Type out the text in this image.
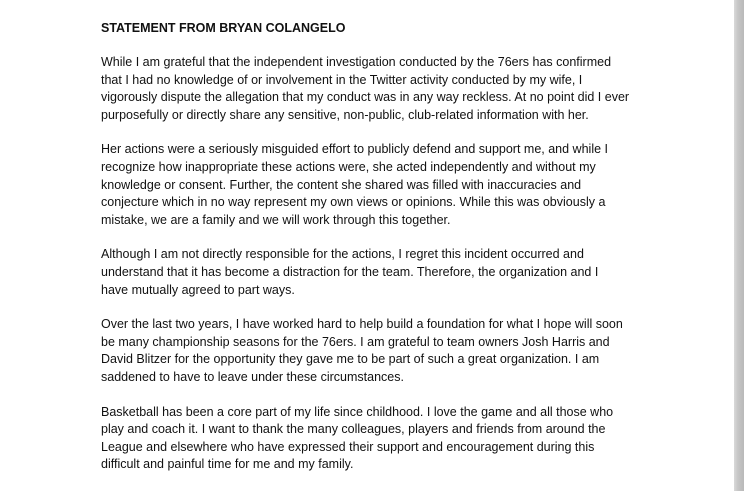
STATEMENT FROM BRYAN COLANGELO
While I am grateful that the independent investigation conducted by the 76ers has confirmed
that I had no knowledge of or involvement in the Twitter activity conducted by my wife, I
vigorously dispute the allegation that my conduct was in any way reckless. At no point did I ever
purposefully or directly share any sensitive, non-public, club-related information with her.
Her actions were a seriously misguided effort to publicly defend and support me, and while I
recognize how inappropriate these actions were, she acted independently and without my
knowledge or consent. Further, the content she shared was filled with inaccuracies and
conjecture which in no way represent my own views or opinions. While this was obviously a
mistake, we are a family and we will work through this together.
Although I am not directly responsible for the actions, I regret this incident occurred and
understand that it has become a distraction for the team. Therefore, the organization and I
have mutually agreed to part ways.
Over the last two years, I have worked hard to help build a foundation for what I hope will soon
be many championship seasons for the 76ers. I am grateful to team owners Josh Harris and
David Blitzer for the opportunity they gave me to be part of such a great organization. I am
saddened to have to leave under these circumstances.
Basketball has been a core part of my life since childhood. I love the game and all those who
play and coach it. I want to thank the many colleagues, players and friends from around the
League and elsewhere who have expressed their support and encouragement during this
difficult and painful time for me and my family.
